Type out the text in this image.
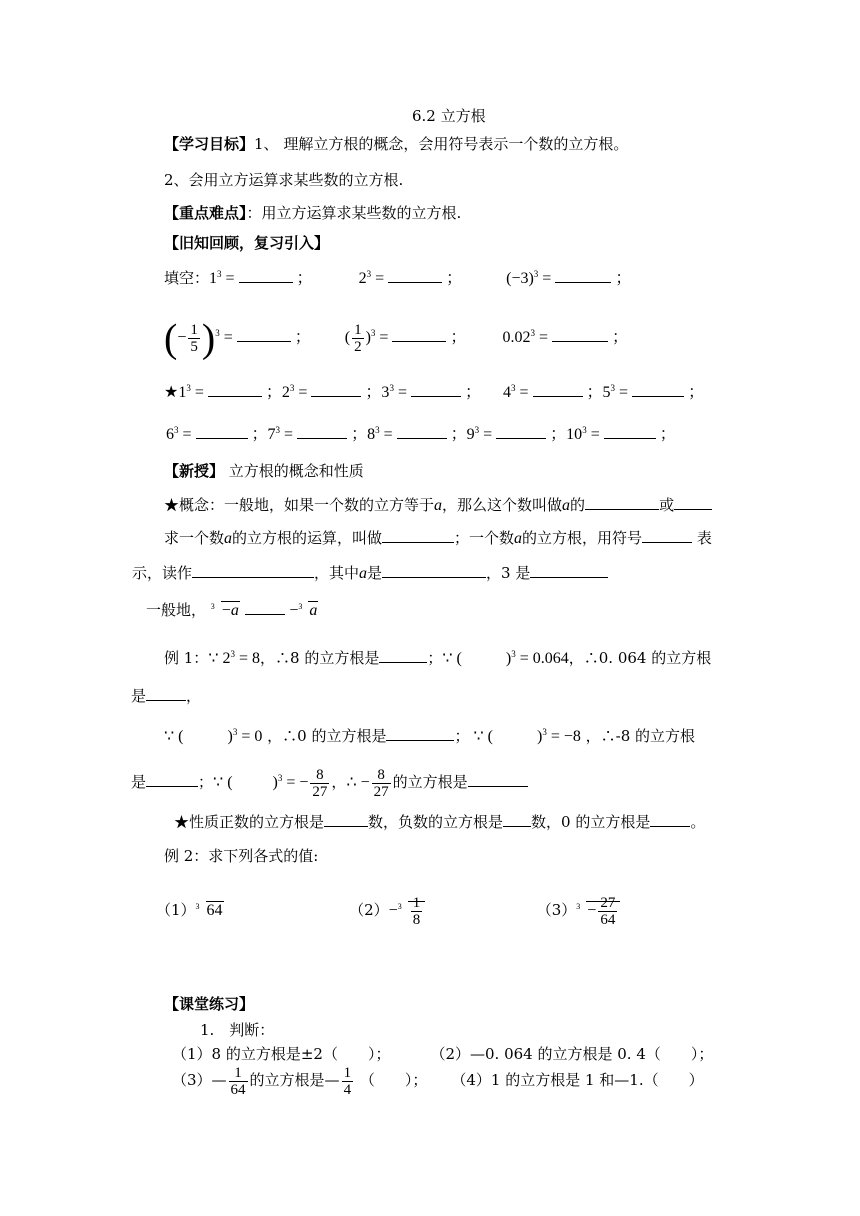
6.2 立方根
【学习目标】1、 理解立方根的概念，会用符号表示一个数的立方根。
2、会用立方运算求某些数的立方根.
【重点难点】：用立方运算求某些数的立方根.
【旧知回顾，复习引入】
填空：$1^3$ =	；	$2^3$ =	；	$(-3)^3$ =	；
(− $\frac{1}{5} )^3$ =	； ( $\frac{1}{2} )^3$ =	； $0.02^3$ =	；
$★1^3$ =	；$2^3$ =	；$3^3$ =	； $4^3$ =	；$5^3$ =	；
$6^3$ =	；$7^3$ =	；$8^3$ =	；$9^3$ =	；$10^3$ =	；
【新授】 立方根的概念和性质
★概念：一般地，如果一个数的立方等于a，那么这个数叫做a的	或
求一个数a的立方根的运算，叫做	；一个数a的立方根，用符号	表
示，读作	，其中a是	，3 是
一般地， 3 −a	− 3 a
例 1：∵ $2^3 = 8$，∴8 的立方根是	；∵ (	)$^3$ = 0.064，∴0. 064 的立方根
是	，
∵ (	)$^3$ = 0 ，∴0 的立方根是	； ∵ (	)$^3$ = −8 ，∴-8 的立方根
是	；∵ (	)$^3$ = − $\frac{8}{27}$ ，∴ − $\frac{8}{27}$ 的立方根是
★性质正数的立方根是	数，负数的立方根是 数，0 的立方根是	。
例 2：求下列各式的值:
（1） 3 64	$(2)- 3 \frac{1}{8}$	（3） $3 - \frac{27}{64}$
【课堂练习】
1.　判断：
（1）8 的立方根是±2（　　）；	（2）—0. 064 的立方根是 0. 4（　　）；
（3）— $\frac{1}{64}$ 的立方根是— $\frac{1}{4}$ （　　）； （4）1 的立方根是 1 和—1.（　　）
